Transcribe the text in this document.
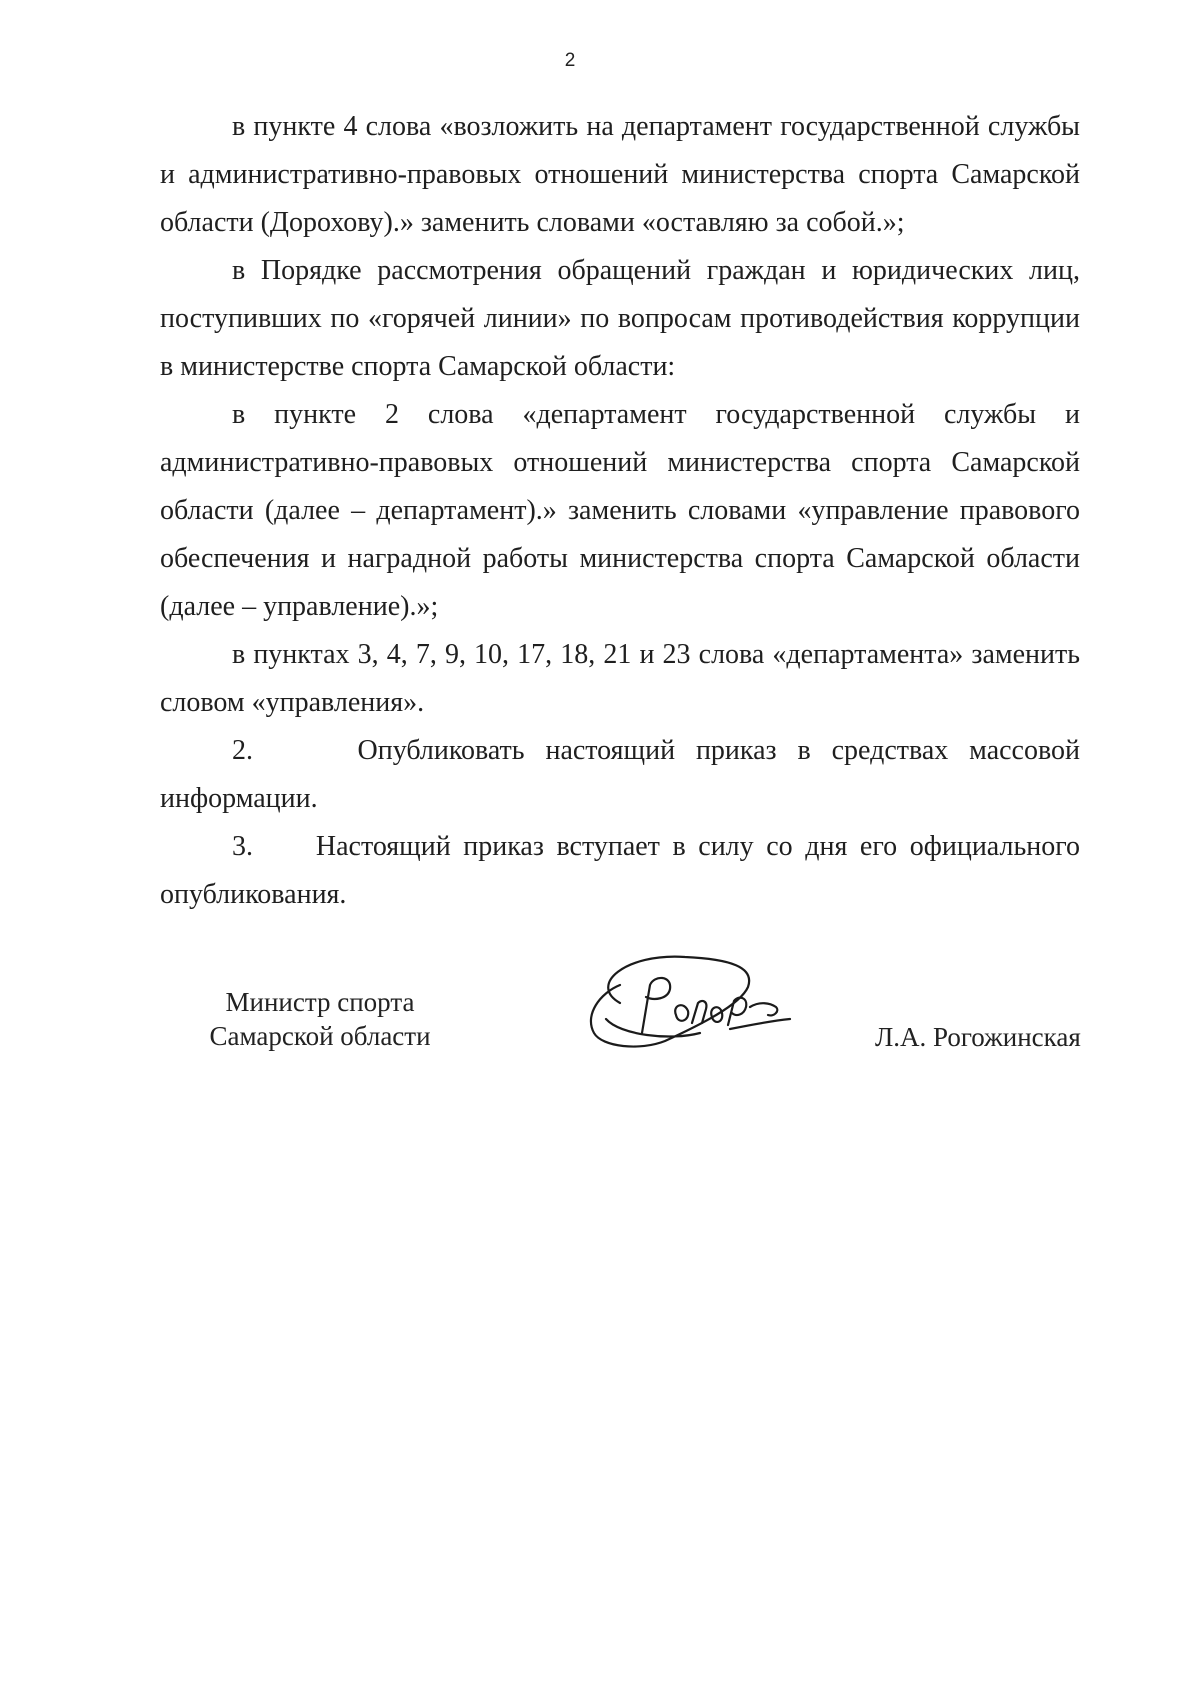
2

в пункте 4 слова «возложить на департамент государственной службы и административно-правовых отношений министерства спорта Самарской области (Дорохову).» заменить словами «оставляю за собой.»;

в Порядке рассмотрения обращений граждан и юридических лиц, поступивших по «горячей линии» по вопросам противодействия коррупции в министерстве спорта Самарской области:

в пункте 2 слова «департамент государственной службы и административно-правовых отношений министерства спорта Самарской области (далее – департамент).» заменить словами «управление правового обеспечения и наградной работы министерства спорта Самарской области (далее – управление).»;

в пунктах 3, 4, 7, 9, 10, 17, 18, 21 и 23 слова «департамента» заменить словом «управления».

2.     Опубликовать настоящий приказ в средствах массовой информации.

3.     Настоящий приказ вступает в силу со дня его официального опубликования.

Министр спорта
Самарской области	Л.А. Рогожинская
